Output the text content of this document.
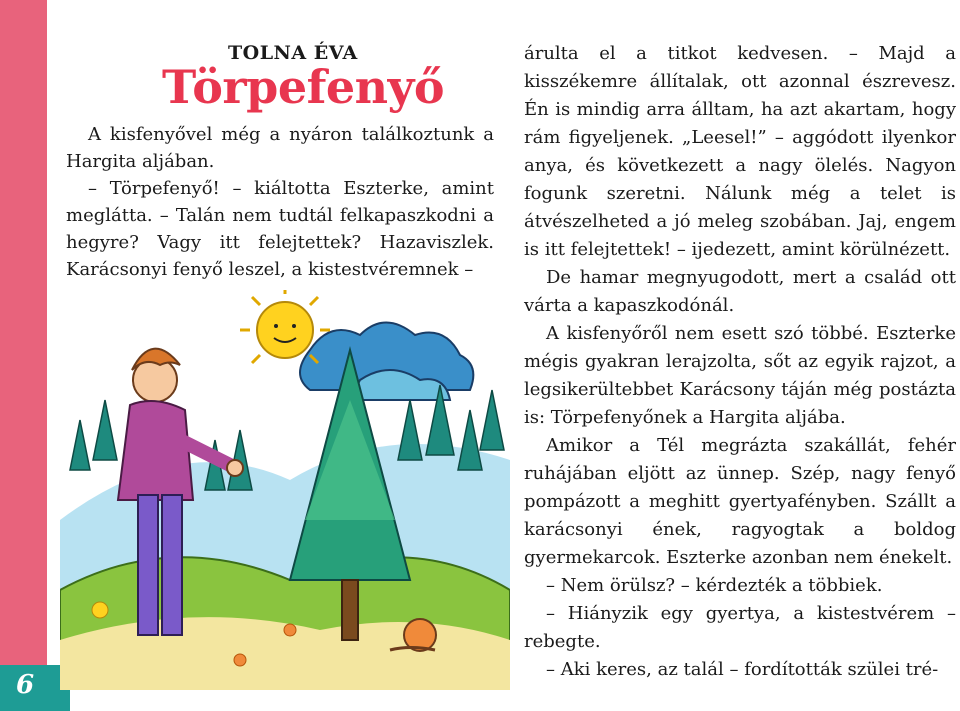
6
TOLNA ÉVA
Törpefenyő

A kisfenyővel még a nyáron találkoztunk a Hargita aljában.

– Törpefenyő! – kiáltotta Eszterke, amint meglátta. – Talán nem tudtál felkapaszkodni a hegyre? Vagy itt felejtettek? Hazaviszlek. Karácsonyi fenyő leszel, a kistestvéremnek –

árulta el a titkot kedvesen. – Majd a kisszékemre állítalak, ott azonnal észrevesz. Én is mindig arra álltam, ha azt akartam, hogy rám figyeljenek. „Leesel!” – aggódott ilyenkor anya, és következett a nagy ölelés. Nagyon fogunk szeretni. Nálunk még a telet is átvészelheted a jó meleg szobában. Jaj, engem is itt felejtettek! – ijedezett, amint körülnézett.

De hamar megnyugodott, mert a család ott várta a kapaszkodónál.

A kisfenyőről nem esett szó többé. Eszterke mégis gyakran lerajzolta, sőt az egyik rajzot, a legsikerültebbet Karácsony táján még postázta is: Törpefenyőnek a Hargita aljába.

Amikor a Tél megrázta szakállát, fehér ruhájában eljött az ünnep. Szép, nagy fenyő pompázott a meghitt gyertyafényben. Szállt a karácsonyi ének, ragyogtak a boldog gyermekarcok. Eszterke azonban nem énekelt.

– Nem örülsz? – kérdezték a többiek.

– Hiányzik egy gyertya, a kistestvérem – rebegte.

– Aki keres, az talál – fordították szülei tré-
